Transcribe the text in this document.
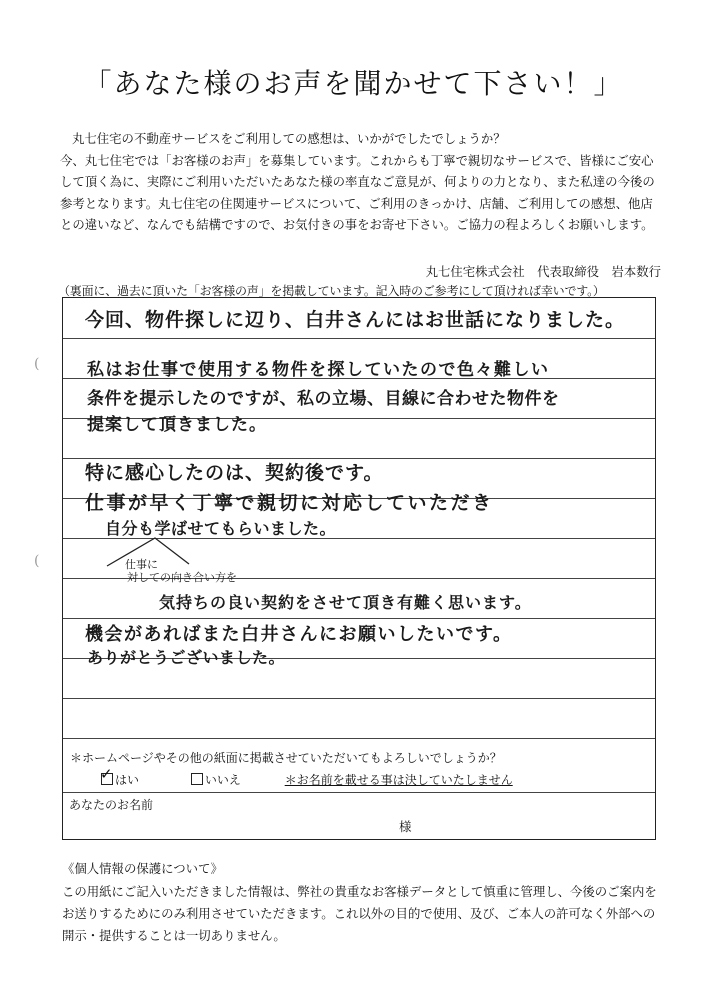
「あなた様のお声を聞かせて下さい！」

丸七住宅の不動産サービスをご利用しての感想は、いかがでしたでしょうか？

今、丸七住宅では「お客様のお声」を募集しています。これからも丁寧で親切なサービスで、皆様にご安心

して頂く為に、実際にご利用いただいたあなた様の率直なご意見が、何よりの力となり、また私達の今後の

参考となります。丸七住宅の住関連サービスについて、ご利用のきっかけ、店舗、ご利用しての感想、他店

との違いなど、なんでも結構ですので、お気付きの事をお寄せ下さい。ご協力の程よろしくお願いします。

丸七住宅株式会社　代表取締役　岩本数行
（裏面に、過去に頂いた「お客様の声」を掲載しています。記入時のご参考にして頂ければ幸いです。）
(
(
今回、物件探しに辺り、白井さんにはお世話になりました。
私はお仕事で使用する物件を探していたので色々難しい
条件を提示したのですが、私の立場、目線に合わせた物件を
提案して頂きました。
特に感心したのは、契約後です。
仕事が早く丁寧で親切に対応していただき
自分も学ばせてもらいました。
仕事に
対しての向き合い方を
気持ちの良い契約をさせて頂き有難く思います。
機会があればまた白井さんにお願いしたいです。
ありがとうございました。
＊ホームページやその他の紙面に掲載させていただいてもよろしいでしょうか？
✓ はい	いいえ	＊お名前を載せる事は決していたしません
あなたのお名前
様
《個人情報の保護について》

この用紙にご記入いただきました情報は、弊社の貴重なお客様データとして慎重に管理し、今後のご案内を

お送りするためにのみ利用させていただきます。これ以外の目的で使用、及び、ご本人の許可なく外部への

開示・提供することは一切ありません。
